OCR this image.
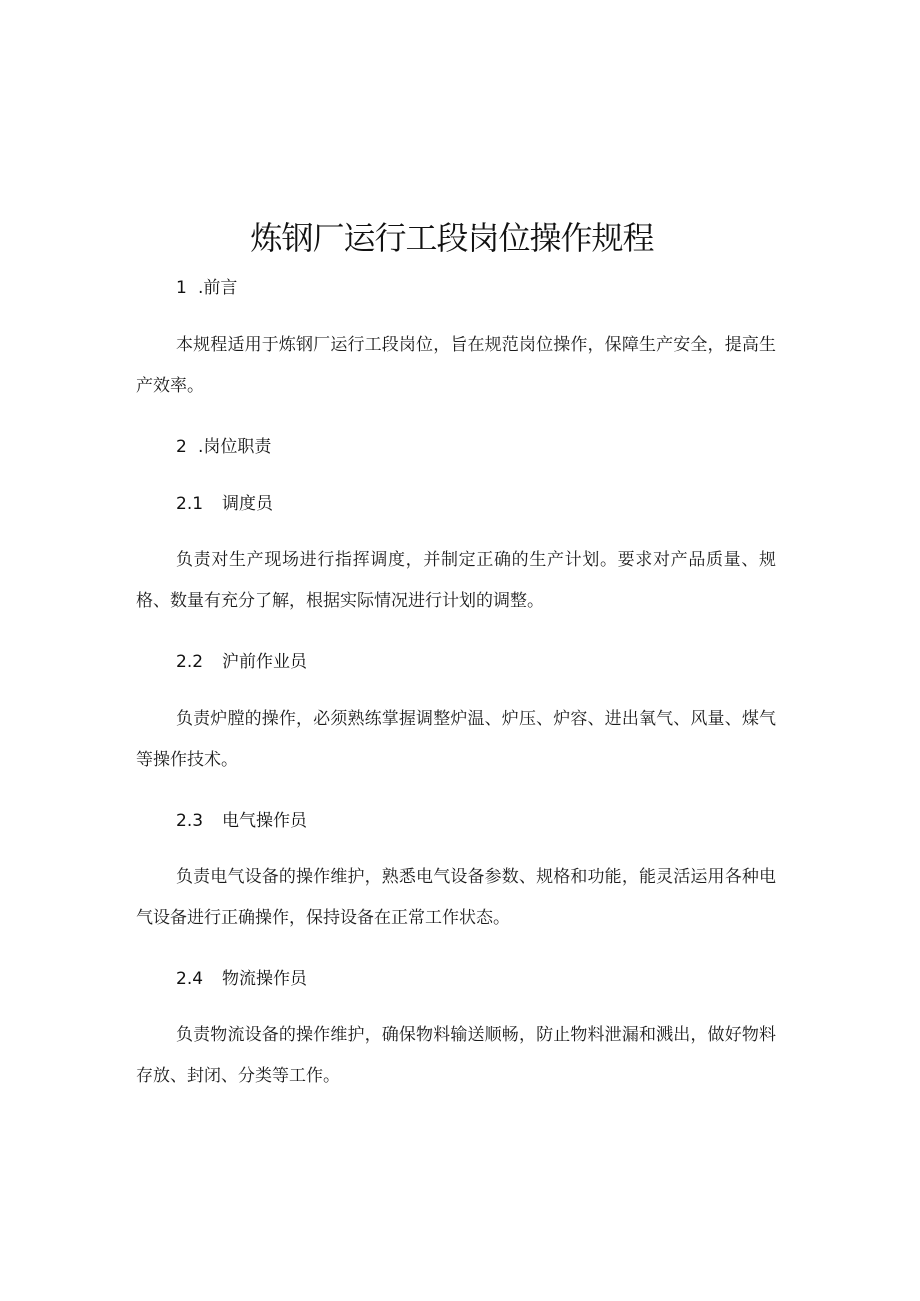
炼钢厂运行工段岗位操作规程
1.前言

本规程适用于炼钢厂运行工段岗位，旨在规范岗位操作，保障生产安全，提高生产效率。

2.岗位职责
2.1 调度员

负责对生产现场进行指挥调度，并制定正确的生产计划。要求对产品质量、规格、数量有充分了解，根据实际情况进行计划的调整。

2.2 沪前作业员

负责炉膛的操作，必须熟练掌握调整炉温、炉压、炉容、进出氧气、风量、煤气等操作技术。

2.3 电气操作员

负责电气设备的操作维护，熟悉电气设备参数、规格和功能，能灵活运用各种电气设备进行正确操作，保持设备在正常工作状态。

2.4 物流操作员

负责物流设备的操作维护，确保物料输送顺畅，防止物料泄漏和溅出，做好物料存放、封闭、分类等工作。
